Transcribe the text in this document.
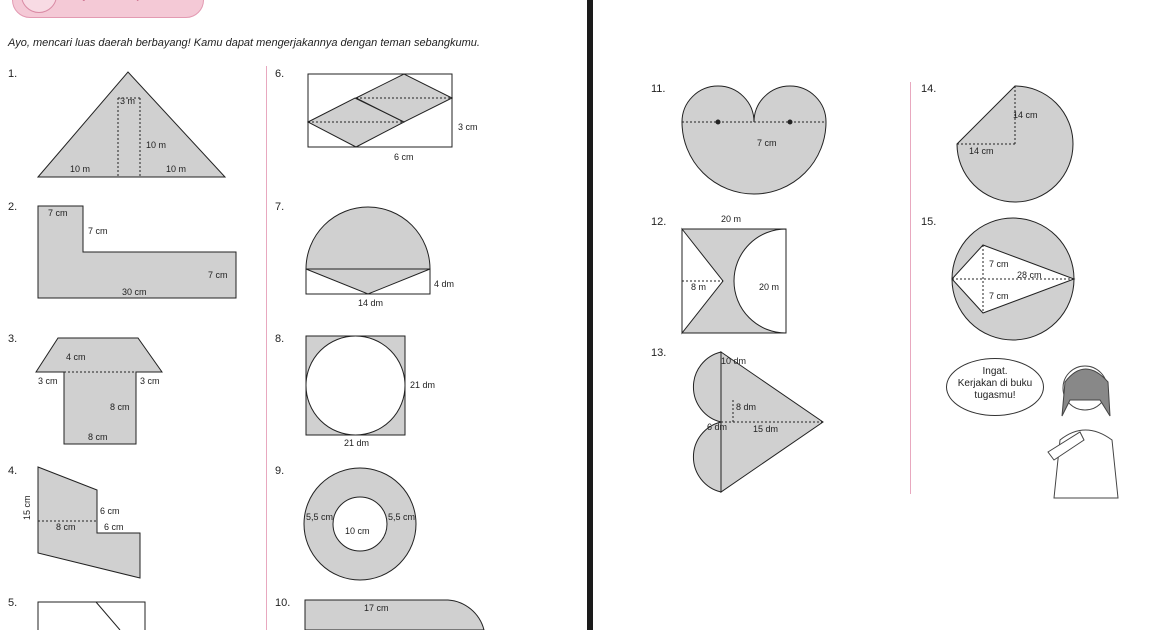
Ayo, mencari luas daerah berbayang! Kamu dapat mengerjakannya dengan teman sebangkumu.
1.
2.
3.
4.
5.
6.
7.
8.
9.
10.
3 m
10 m
10 m	10 m
7 cm
7 cm
7 cm
30 cm
4 cm
3 cm	3 cm
8 cm
8 cm
15 cm
8 cm
6 cm
6 cm
3 cm
6 cm
4 dm
14 dm
21 dm
21 dm
5,5 cm
10 cm
5,5 cm
17 cm
11.
12.
13.
14.
15.
7 cm
20 m
8 m	20 m
10 dm
8 dm
6 dm	15 dm
14 cm
14 cm
7 cm
28 cm
7 cm
Ingat.
Kerjakan di buku
tugasmu!
